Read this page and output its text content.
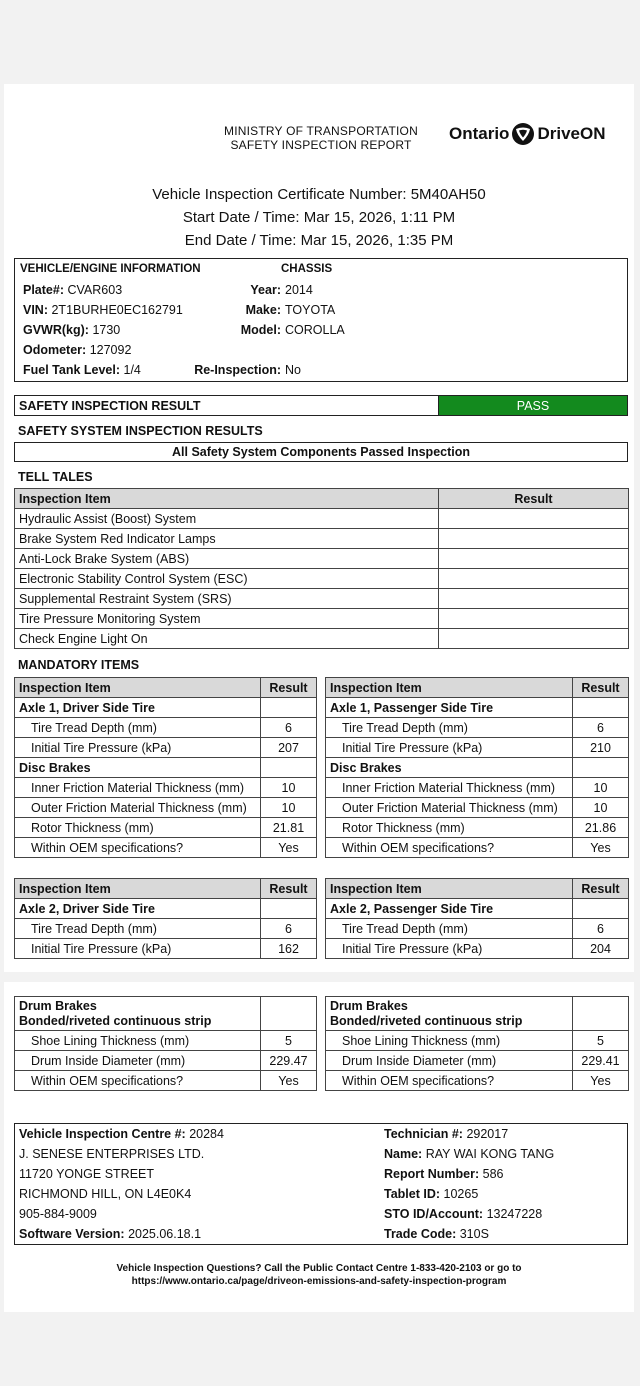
MINISTRY OF TRANSPORTATION
SAFETY INSPECTION REPORT
Ontario DriveON
Vehicle Inspection Certificate Number: 5M40AH50
Start Date / Time: Mar 15, 2026, 1:11 PM
End Date / Time: Mar 15, 2026, 1:35 PM
VEHICLE/ENGINE INFORMATION	CHASSIS
Plate#: CVAR603
VIN: 2T1BURHE0EC162791
GVWR(kg): 1730
Odometer: 127092
Fuel Tank Level: 1/4
Year: 2014
Make: TOYOTA
Model: COROLLA
Re-Inspection: No
SAFETY INSPECTION RESULT	PASS
SAFETY SYSTEM INSPECTION RESULTS
All Safety System Components Passed Inspection
TELL TALES
Inspection Item	Result
Hydraulic Assist (Boost) System	
Brake System Red Indicator Lamps	
Anti-Lock Brake System (ABS)	
Electronic Stability Control System (ESC)	
Supplemental Restraint System (SRS)	
Tire Pressure Monitoring System	
Check Engine Light On	
MANDATORY ITEMS
Inspection Item	Result
Axle 1, Driver Side Tire	
Tire Tread Depth (mm)	6
Initial Tire Pressure (kPa)	207
Disc Brakes	
Inner Friction Material Thickness (mm)	10
Outer Friction Material Thickness (mm)	10
Rotor Thickness (mm)	21.81
Within OEM specifications?	Yes
Inspection Item	Result
Axle 1, Passenger Side Tire	
Tire Tread Depth (mm)	6
Initial Tire Pressure (kPa)	210
Disc Brakes	
Inner Friction Material Thickness (mm)	10
Outer Friction Material Thickness (mm)	10
Rotor Thickness (mm)	21.86
Within OEM specifications?	Yes
Inspection Item	Result
Axle 2, Driver Side Tire	
Tire Tread Depth (mm)	6
Initial Tire Pressure (kPa)	162
Inspection Item	Result
Axle 2, Passenger Side Tire	
Tire Tread Depth (mm)	6
Initial Tire Pressure (kPa)	204
Drum Brakes
Bonded/riveted continuous strip	

Shoe Lining Thickness (mm)	5
Drum Inside Diameter (mm)	229.47
Within OEM specifications?	Yes
Drum Brakes
Bonded/riveted continuous strip	

Shoe Lining Thickness (mm)	5
Drum Inside Diameter (mm)	229.41
Within OEM specifications?	Yes
Vehicle Inspection Centre #: 20284
J. SENESE ENTERPRISES LTD.
11720 YONGE STREET
RICHMOND HILL, ON L4E0K4
905-884-9009
Software Version: 2025.06.18.1
Technician #: 292017
Name: RAY WAI KONG TANG
Report Number: 586
Tablet ID: 10265
STO ID/Account: 13247228
Trade Code: 310S
Vehicle Inspection Questions? Call the Public Contact Centre 1-833-420-2103 or go to
https://www.ontario.ca/page/driveon-emissions-and-safety-inspection-program
